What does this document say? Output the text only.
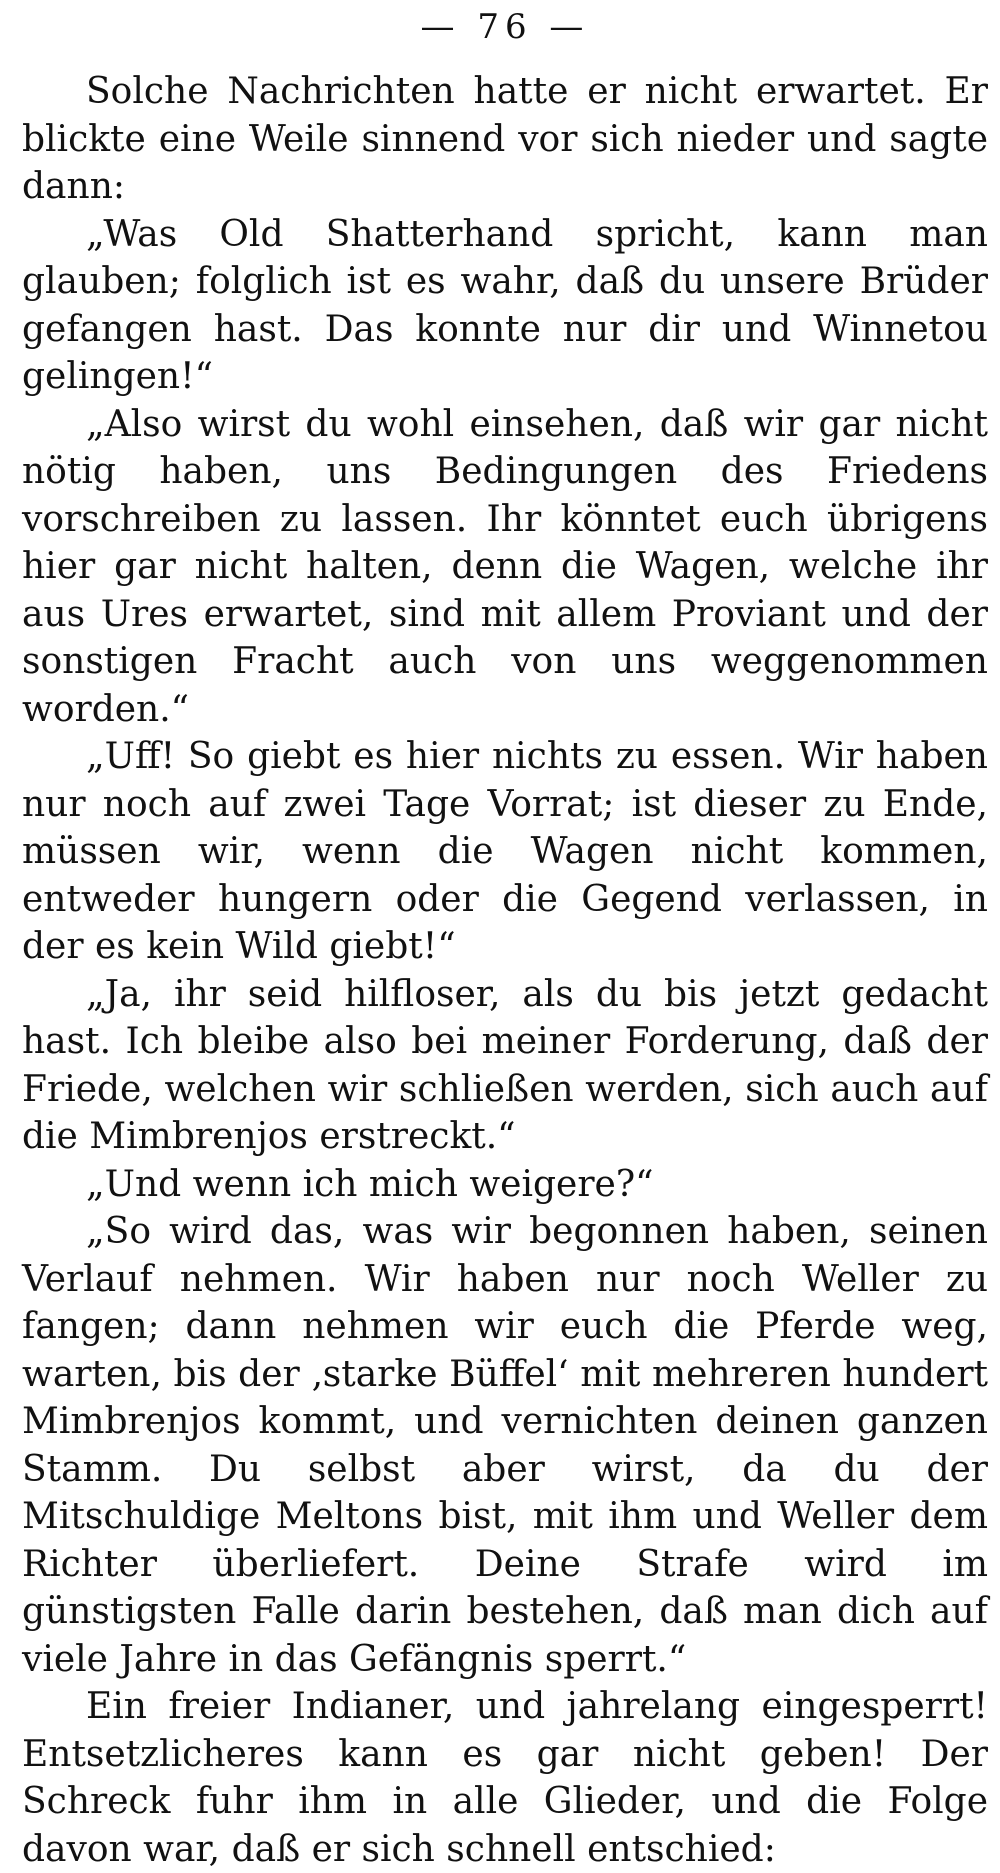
— 76 —

Solche Nachrichten hatte er nicht erwartet. Er blickte eine Weile sinnend vor sich nieder und sagte dann:

„Was Old Shatterhand spricht, kann man glauben; folglich ist es wahr, daß du unsere Brüder gefangen hast. Das konnte nur dir und Winnetou gelingen!“

„Also wirst du wohl einsehen, daß wir gar nicht nötig haben, uns Bedingungen des Friedens vorschreiben zu lassen. Ihr könntet euch übrigens hier gar nicht halten, denn die Wagen, welche ihr aus Ures erwartet, sind mit allem Proviant und der sonstigen Fracht auch von uns weggenommen worden.“

„Uff! So giebt es hier nichts zu essen. Wir haben nur noch auf zwei Tage Vorrat; ist dieser zu Ende, müssen wir, wenn die Wagen nicht kommen, entweder hungern oder die Gegend verlassen, in der es kein Wild giebt!“

„Ja, ihr seid hilfloser, als du bis jetzt gedacht hast. Ich bleibe also bei meiner Forderung, daß der Friede, welchen wir schließen werden, sich auch auf die Mimbrenjos erstreckt.“

„Und wenn ich mich weigere?“

„So wird das, was wir begonnen haben, seinen Verlauf nehmen. Wir haben nur noch Weller zu fangen; dann nehmen wir euch die Pferde weg, warten, bis der ‚starke Büffel‘ mit mehreren hundert Mimbrenjos kommt, und vernichten deinen ganzen Stamm. Du selbst aber wirst, da du der Mitschuldige Meltons bist, mit ihm und Weller dem Richter überliefert. Deine Strafe wird im günstigsten Falle darin bestehen, daß man dich auf viele Jahre in das Gefängnis sperrt.“

Ein freier Indianer, und jahrelang eingesperrt! Entsetzlicheres kann es gar nicht geben! Der Schreck fuhr ihm in alle Glieder, und die Folge davon war, daß er sich schnell entschied:
